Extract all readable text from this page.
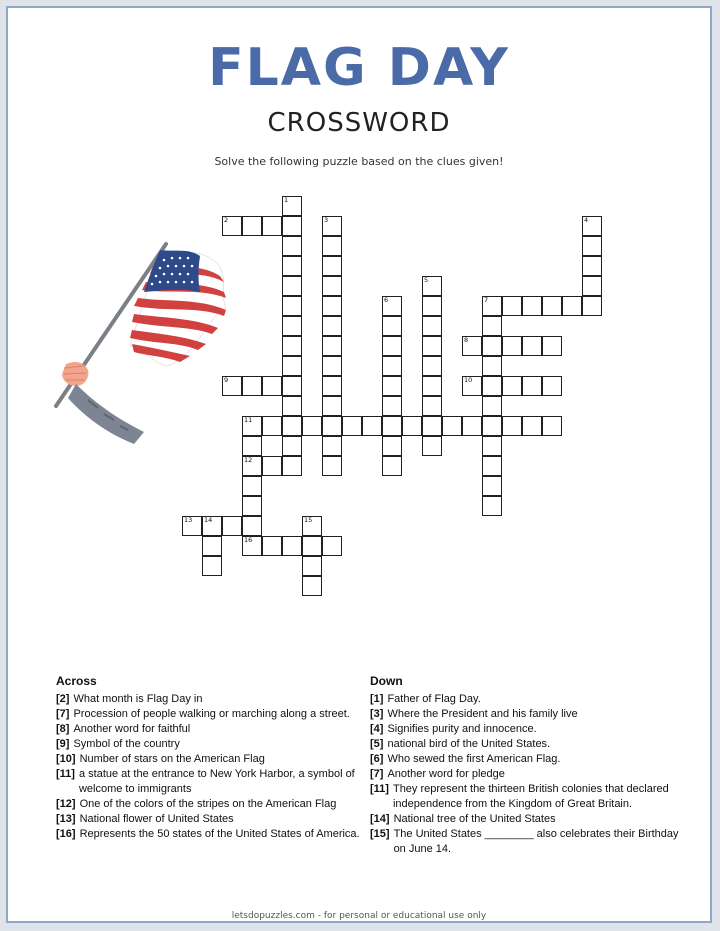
FLAG DAY
CROSSWORD
Solve the following puzzle based on the clues given!
2
1
3	4
5
6	7
8
9	10
11
12
16
13 14	15
Across
[2] What month is Flag Day in
[7] Procession of people walking or marching along a street.
[8] Another word for faithful
[9] Symbol of the country
[10] Number of stars on the American Flag
[11] a statue at the entrance to New York Harbor, a symbol of welcome to immigrants
[12] One of the colors of the stripes on the American Flag
[13] National flower of United States
[16] Represents the 50 states of the United States of America.
Down
[1] Father of Flag Day.
[3] Where the President and his family live
[4] Signifies purity and innocence.
[5] national bird of the United States.
[6] Who sewed the first American Flag.
[7] Another word for pledge
[11] They represent the thirteen British colonies that declared independence from the Kingdom of Great Britain.
[14] National tree of the United States
[15] The United States ________ also celebrates their Birthday on June 14.
letsdopuzzles.com - for personal or educational use only
